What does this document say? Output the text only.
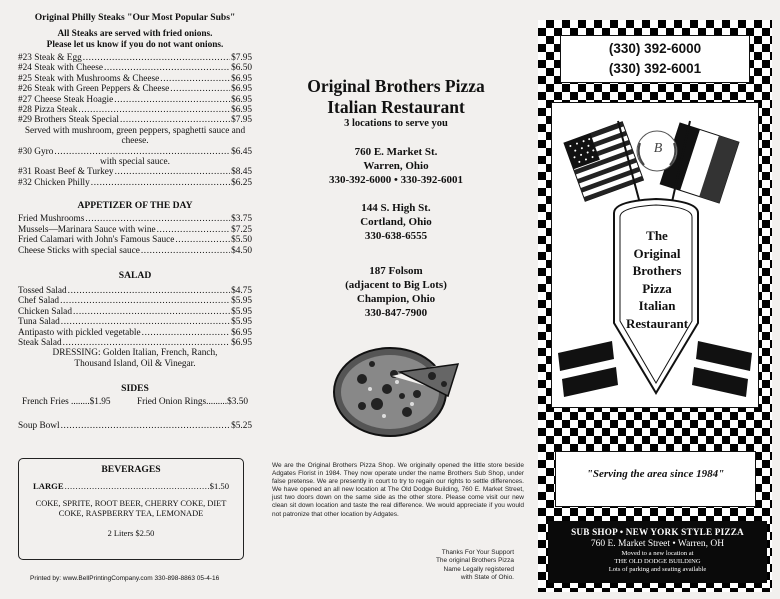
Original Philly Steaks "Our Most Popular Subs"

All Steaks are served with fried onions.
Please let us know if you do not want onions.
#23 Steak & Egg .....	$7.95
#24 Steak with Cheese .....	$6.50
#25 Steak with Mushrooms & Cheese .....	$6.95
#26 Steak with Green Peppers & Cheese .....	$6.95
#27 Cheese Steak Hoagie .....	$6.95
#28 Pizza Steak .....	$6.95
#29 Brothers Steak Special .....	$7.95
Served with mushroom, green peppers, spaghetti sauce and cheese.
#30 Gyro .....	$6.45
with special sauce.
#31 Roast Beef & Turkey .....	$8.45
#32 Chicken Philly .....	$6.25

APPETIZER OF THE DAY

Fried Mushrooms .....	$3.75
Mussels—Marinara Sauce with wine .....	$7.25
Fried Calamari with John's Famous Sauce .....	$5.50
Cheese Sticks with special sauce .....	$4.50

SALAD

Tossed Salad .....	$4.75
Chef Salad .....	$5.95
Chicken Salad .....	$5.95
Tuna Salad .....	$5.95
Antipasto with pickled vegetable .....	$6.95
Steak Salad .....	$6.95
DRESSING: Golden Italian, French, Ranch, Thousand Island, Oil & Vinegar.

SIDES

French Fries ........$1.95	Fried Onion Rings.........$3.50
Soup Bowl .....	$5.25

BEVERAGES

LARGE .....	$1.50
COKE, SPRITE, ROOT BEER, CHERRY COKE, DIET COKE, RASPBERRY TEA, LEMONADE
2 Liters $2.50
Printed by: www.BellPrintingCompany.com 330-898-8863 05-4-16
Original Brothers Pizza
Italian Restaurant
3 locations to serve you
760 E. Market St.
Warren, Ohio
330-392-6000 • 330-392-6001
144 S. High St.
Cortland, Ohio
330-638-6555
187 Folsom
(adjacent to Big Lots)
Champion, Ohio
330-847-7900
We are the Original Brothers Pizza Shop. We originally opened the little store beside Adgates Florist in 1984. They now operate under the name Brothers Sub Shop, under false pretense. We are presently in court to try to regain our rights to settle differences. We have opened an all new location at The Old Dodge Building, 760 E. Market Street, just two doors down on the same side as the other store. Please come visit our new clean sit down location and taste the real difference. We would appreciate if you would not patronize that other location by Adgates.
Thanks For Your Support
The original Brothers Pizza
Name Legally registered
with State of Ohio.
(330) 392-6000
(330) 392-6001
B
The
Original
Brothers
Pizza
Italian
Restaurant
"Serving the area since 1984"
SUB SHOP • NEW YORK STYLE PIZZA
760 E. Market Street • Warren, OH
Moved to a new location at
THE OLD DODGE BUILDING
Lots of parking and seating available
